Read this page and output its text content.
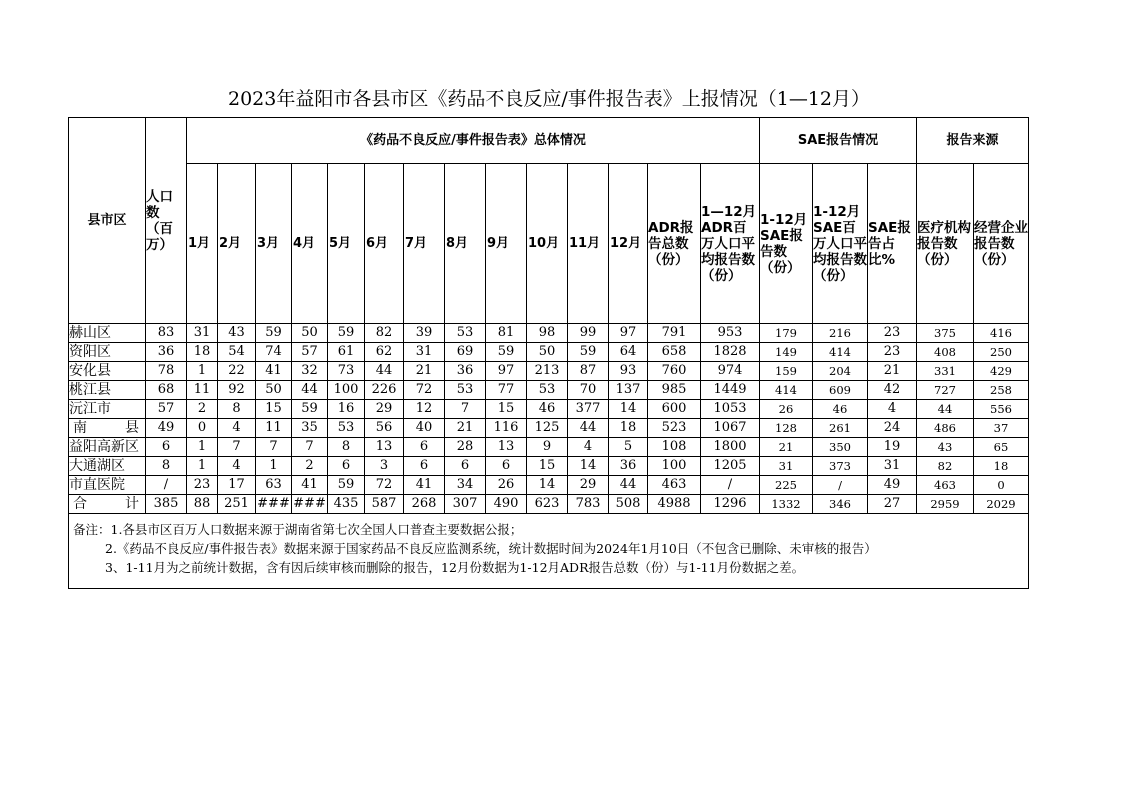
2023年益阳市各县市区《药品不良反应/事件报告表》上报情况（1—12月）
县市区	人口数（百万）	《药品不良反应/事件报告表》总体情况														SAE报告情况			报告来源	
		1月	2月	3月	4月	5月	6月	7月	8月	9月	10月	11月	12月	ADR报告总数（份）	1—12月ADR百万人口平均报告数（份）	1-12月SAE报告数（份）	1-12月SAE百万人口平均报告数（份）	SAE报告占比%	医疗机构报告数（份）	经营企业报告数（份）
赫山区	83	31	43	59	50	59	82	39	53	81	98	99	97	791	953	179	216	23	375	416
资阳区	36	18	54	74	57	61	62	31	69	59	50	59	64	658	1828	149	414	23	408	250
安化县	78	1	22	41	32	73	44	21	36	97	213	87	93	760	974	159	204	21	331	429
桃江县	68	11	92	50	44	100	226	72	53	77	53	70	137	985	1449	414	609	42	727	258
沅江市	57	2	8	15	59	16	29	12	7	15	46	377	14	600	1053	26	46	4	44	556
南 县	49	0	4	11	35	53	56	40	21	116	125	44	18	523	1067	128	261	24	486	37
益阳高新区	6	1	7	7	7	8	13	6	28	13	9	4	5	108	1800	21	350	19	43	65
大通湖区	8	1	4	1	2	6	3	6	6	6	15	14	36	100	1205	31	373	31	82	18
市直医院	/	23	17	63	41	59	72	41	34	26	14	29	44	463	/	225	/	49	463	0
合 计	385	88	251	###	###	435	587	268	307	490	623	783	508	4988	1296	1332	346	27	2959	2029
备注：1.各县市区百万人口数据来源于湖南省第七次全国人口普查主要数据公报；
2.《药品不良反应/事件报告表》数据来源于国家药品不良反应监测系统，统计数据时间为2024年1月10日（不包含已删除、未审核的报告）
3、1-11月为之前统计数据，含有因后续审核而删除的报告，12月份数据为1-12月ADR报告总数（份）与1-11月份数据之差。
